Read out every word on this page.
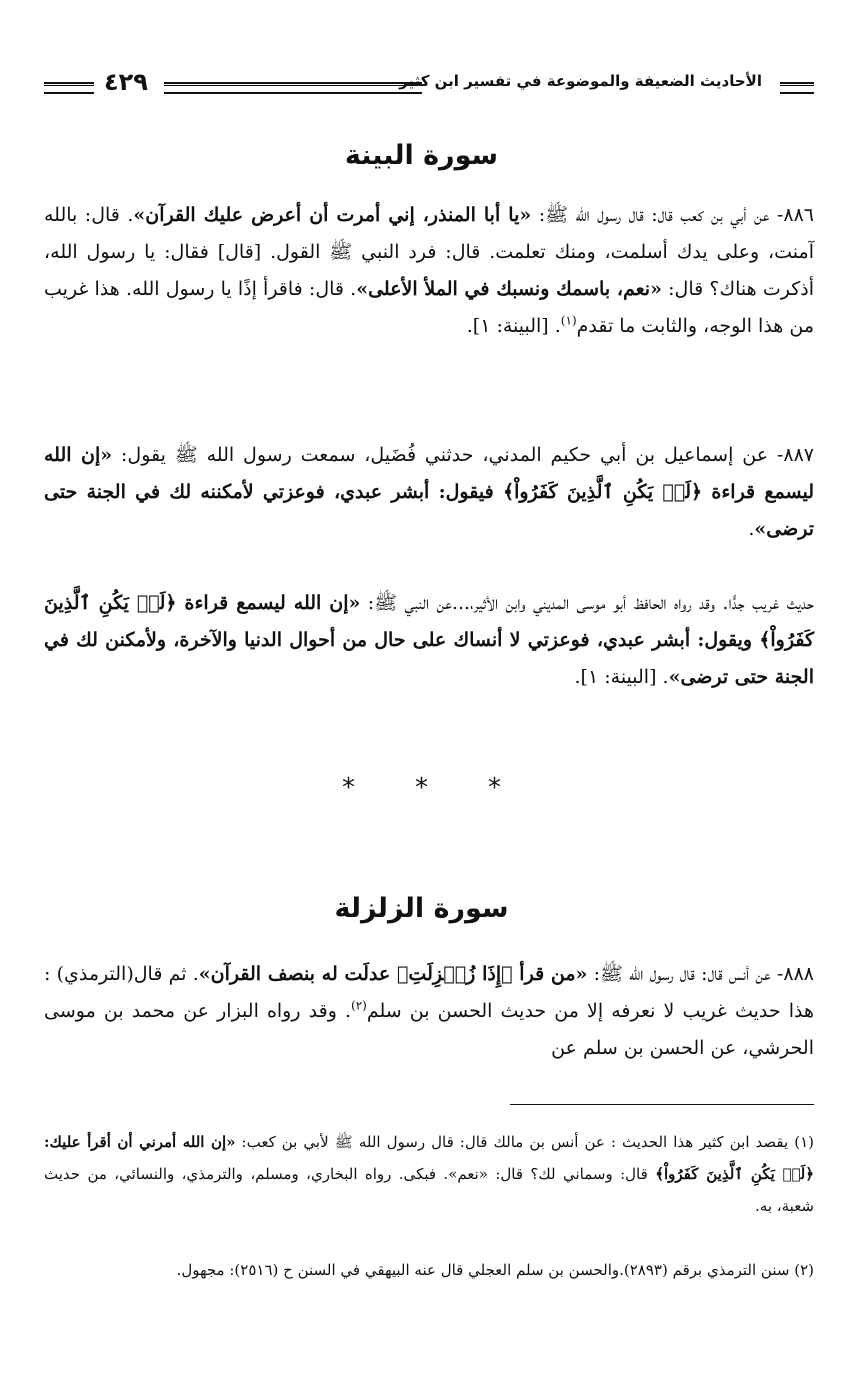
الأحاديث الضعيفة والموضوعة في تفسير ابن كثير
٤٢٩
سورة البينة
٨٨٦- عن أبي بن كعب قال: قال رسول الله ﷺ: «يا أبا المنذر، إني أمرت أن أعرض عليك القرآن». قال: بالله آمنت، وعلى يدك أسلمت، ومنك تعلمت. قال: فرد النبي ﷺ القول. [قال] فقال: يا رسول الله، أذكرت هناك؟ قال: «نعم، باسمك ونسبك في الملأ الأعلى». قال: فاقرأ إذًا يا رسول الله. هذا غريب من هذا الوجه، والثابت ما تقدم$^{(١)}$. [البينة: ١].
٨٨٧- عن إسماعيل بن أبي حكيم المدني، حدثني فُضَيل، سمعت رسول الله ﷺ يقول: «إن الله ليسمع قراءة ﴿لَمۡ يَكُنِ ٱلَّذِينَ كَفَرُواْ﴾ فيقول: أبشر عبدي، فوعزتي لأمكننه لك في الجنة حتى ترضى».
حديث غريب جدًّا. وقد رواه الحافظ أبو موسى المديني وابن الأثير،...عن النبي ﷺ: «إن الله ليسمع قراءة ﴿لَمۡ يَكُنِ ٱلَّذِينَ كَفَرُواْ﴾ ويقول: أبشر عبدي، فوعزتي لا أنساك على حال من أحوال الدنيا والآخرة، ولأمكنن لك في الجنة حتى ترضى». [البينة: ١].
***
سورة الزلزلة
٨٨٨- عن أنس قال: قال رسول الله ﷺ: «من قرأ ﴿إِذَا زُلۡزِلَتِ﴾ عدلَت له بنصف القرآن». ثم قال(الترمذي) : هذا حديث غريب لا نعرفه إلا من حديث الحسن بن سلم$^{(٢)}$. وقد رواه البزار عن محمد بن موسى الحرشي، عن الحسن بن سلم عن
(١) يقصد ابن كثير هذا الحديث : عن أنس بن مالك قال: قال رسول الله ﷺ لأبي بن كعب: «إن الله أمرني أن أقرأ عليك: ﴿لَمۡ يَكُنِ ٱلَّذِينَ كَفَرُواْ﴾ قال: وسماني لك؟ قال: «نعم». فبكى. رواه البخاري، ومسلم، والترمذي، والنسائي، من حديث شعبة، به.
(٢) سنن الترمذي برقم (٢٨٩٣).والحسن بن سلم العجلي قال عنه البيهقي في السنن ح (٢٥١٦): مجهول.
